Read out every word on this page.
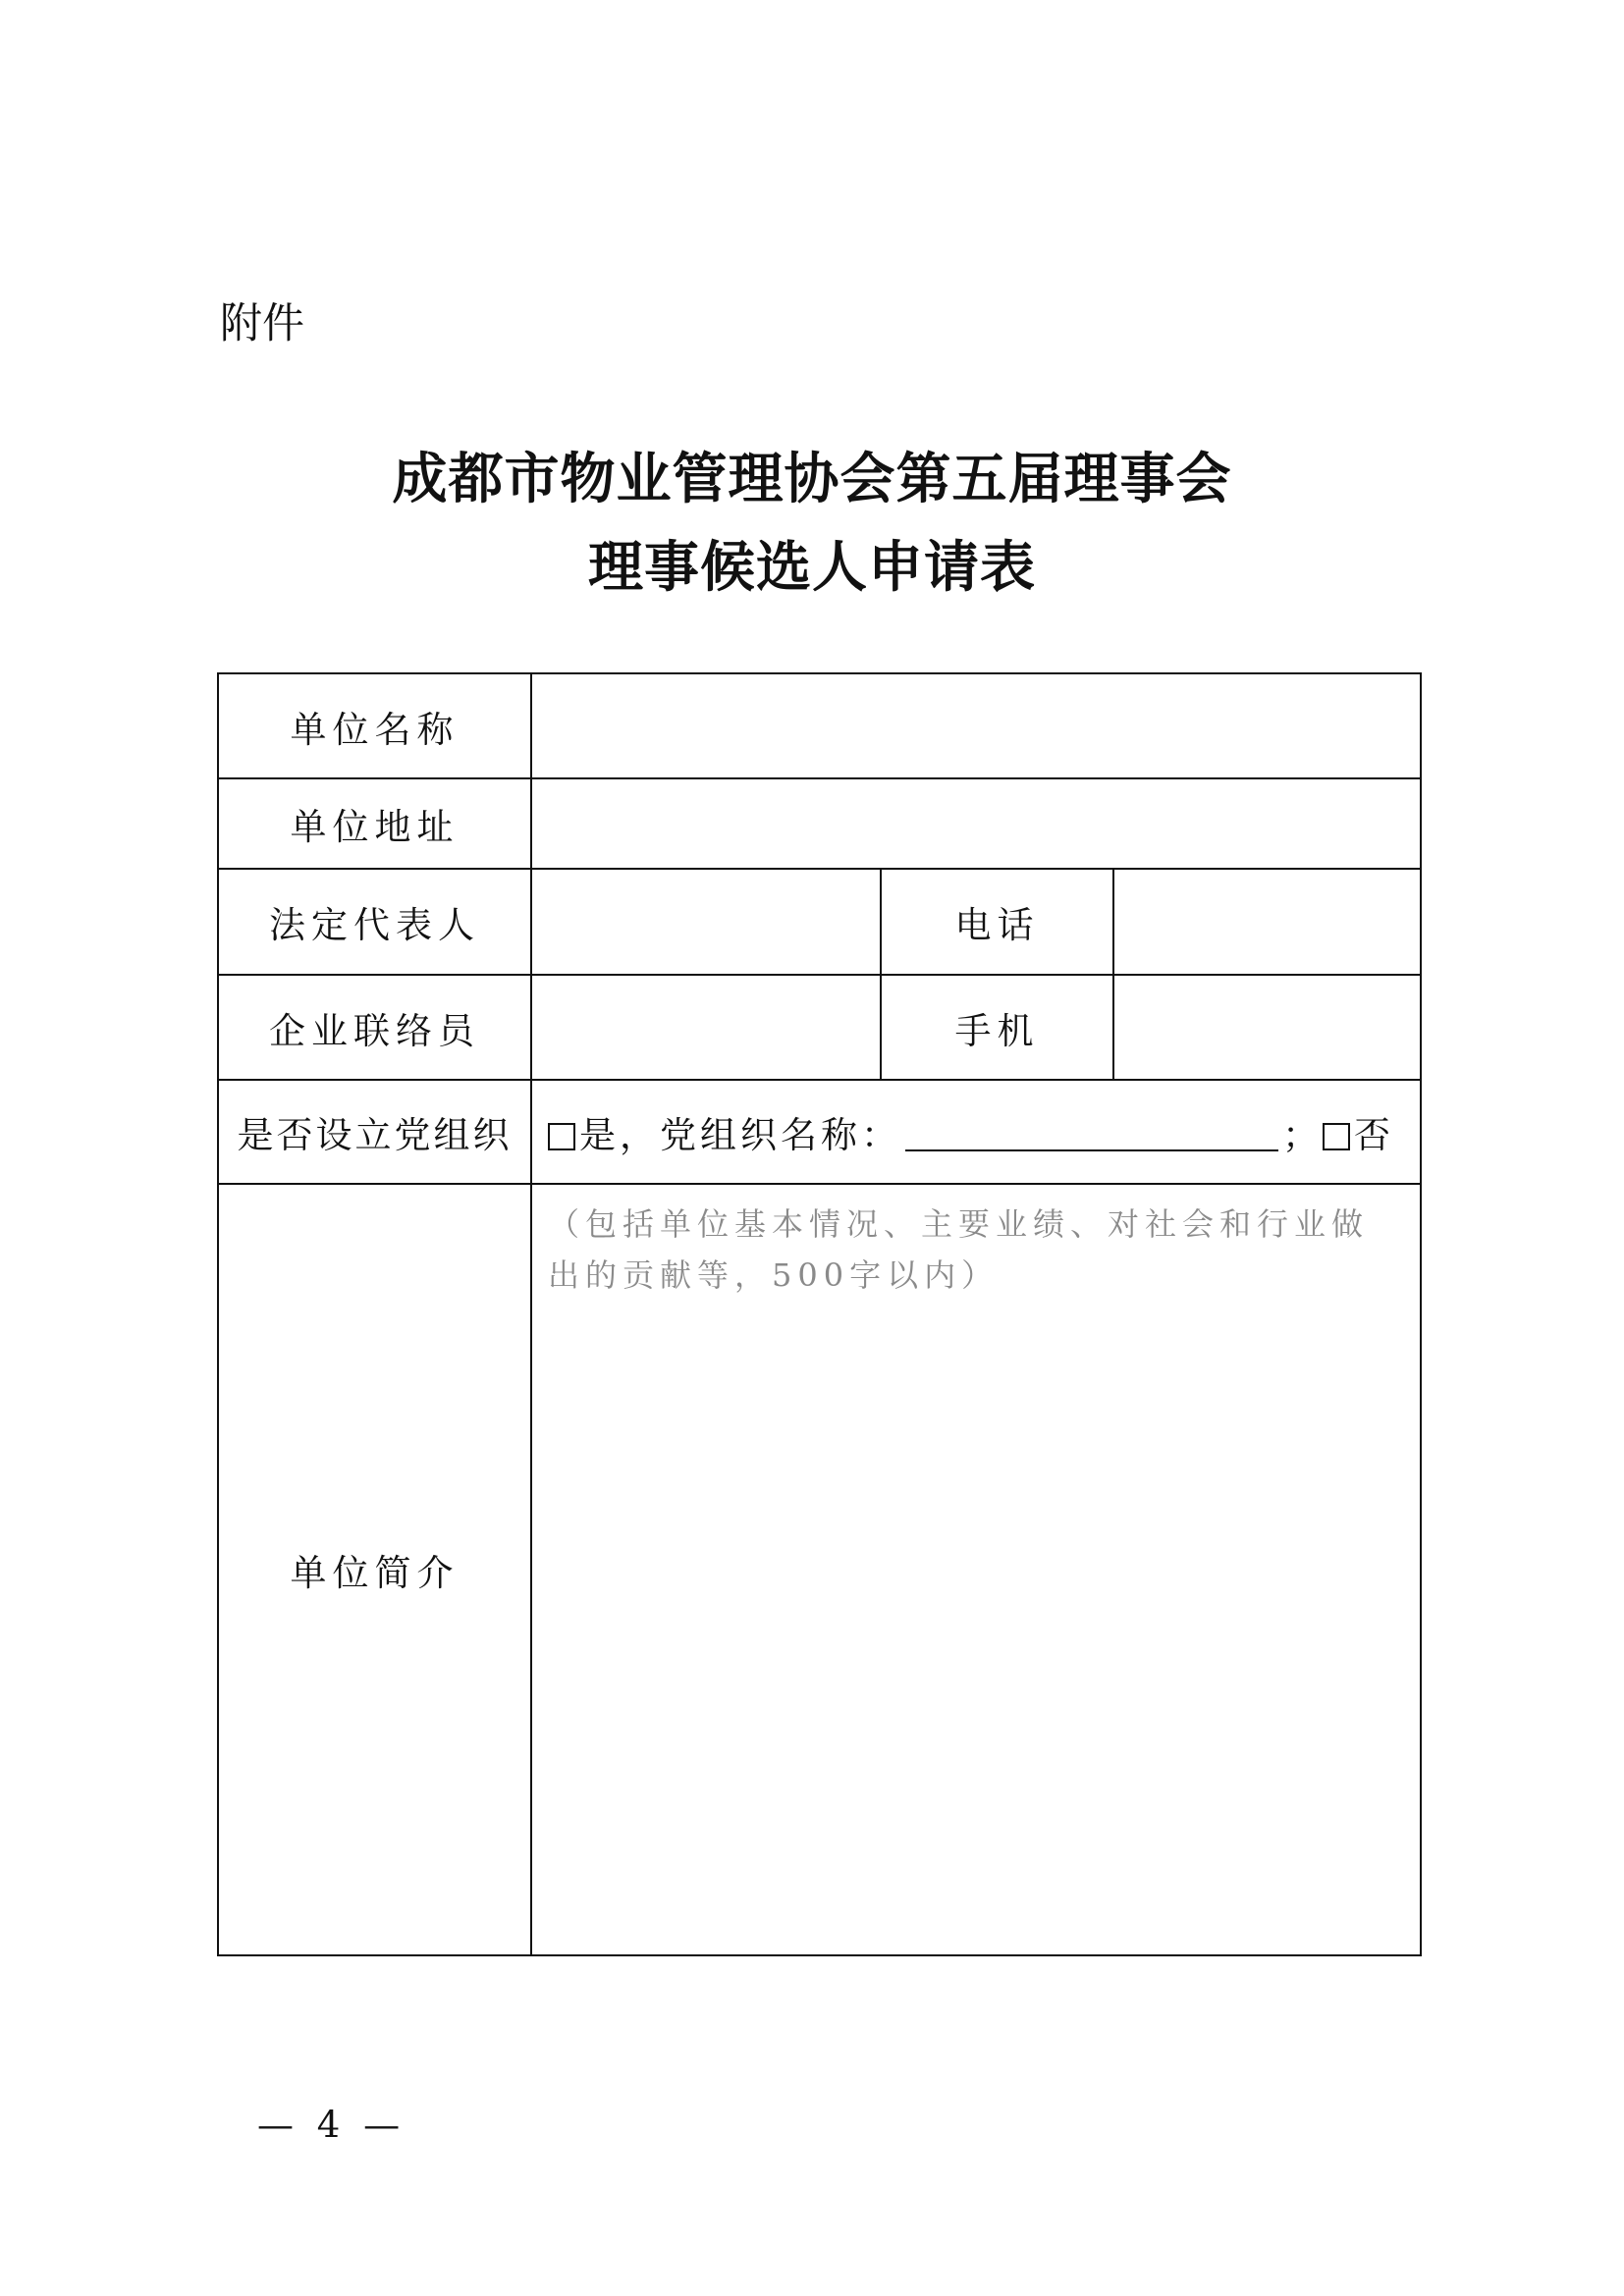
附件
成都市物业管理协会第五届理事会
理事候选人申请表
单位名称			
单位地址			
法定代表人		电话	
企业联络员		手机	
是否设立党组织	是，党组织名称： ； 否		
单位简介	（包括单位基本情况、主要业绩、对社会和行业做出的贡献等，500字以内）		
— 4 —
